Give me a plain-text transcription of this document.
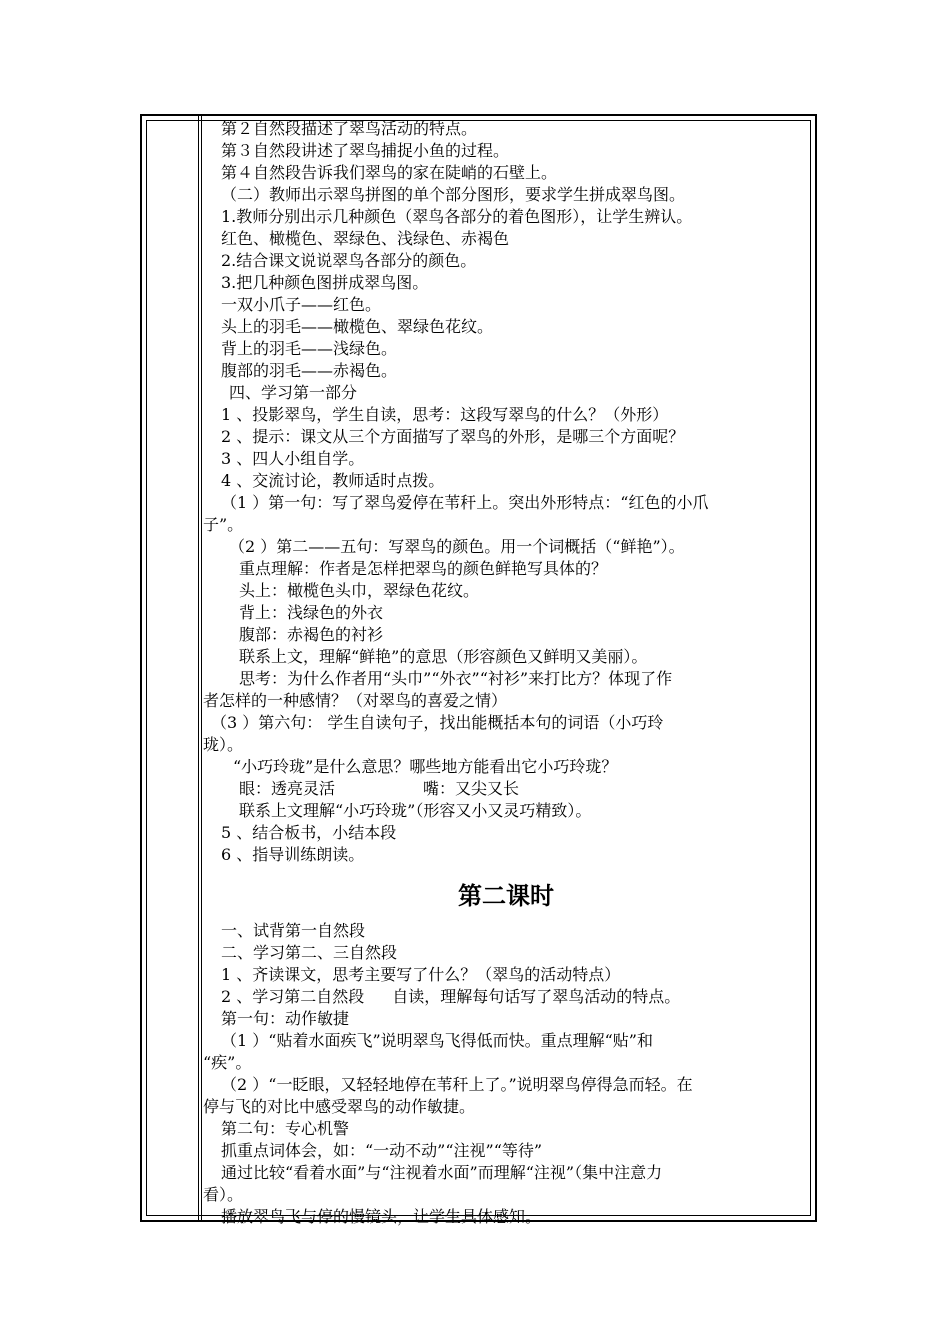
第２自然段描述了翠鸟活动的特点。
第３自然段讲述了翠鸟捕捉小鱼的过程。
第４自然段告诉我们翠鸟的家在陡峭的石壁上。
（二）教师出示翠鸟拼图的单个部分图形，要求学生拼成翠鸟图。
1.教师分别出示几种颜色（翠鸟各部分的着色图形），让学生辨认。
红色、橄榄色、翠绿色、浅绿色、赤褐色
2.结合课文说说翠鸟各部分的颜色。
3.把几种颜色图拼成翠鸟图。
一双小爪子——红色。
头上的羽毛——橄榄色、翠绿色花纹。
背上的羽毛——浅绿色。
腹部的羽毛——赤褐色。
四、学习第一部分
1 、投影翠鸟，学生自读，思考：这段写翠鸟的什么？（外形）
2 、提示：课文从三个方面描写了翠鸟的外形，是哪三个方面呢？
3 、四人小组自学。
4 、交流讨论，教师适时点拨。
（1 ）第一句：写了翠鸟爱停在苇秆上。突出外形特点：“红色的小爪
子”。
（2 ）第二——五句：写翠鸟的颜色。用一个词概括（“鲜艳”）。
重点理解：作者是怎样把翠鸟的颜色鲜艳写具体的？
头上：橄榄色头巾，翠绿色花纹。
背上：浅绿色的外衣
腹部：赤褐色的衬衫
联系上文，理解“鲜艳”的意思（形容颜色又鲜明又美丽）。
思考：为什么作者用“头巾”“外衣”“衬衫”来打比方？体现了作
者怎样的一种感情？（对翠鸟的喜爱之情）
（3 ）第六句： 学生自读句子，找出能概括本句的词语（小巧玲
珑）。
“小巧玲珑”是什么意思？哪些地方能看出它小巧玲珑？
眼：透亮灵活	嘴：又尖又长
联系上文理解“小巧玲珑”（形容又小又灵巧精致）。
5 、结合板书，小结本段
6 、指导训练朗读。
第二课时
一、试背第一自然段
二、学习第二、三自然段
1 、齐读课文，思考主要写了什么？（翠鸟的活动特点）
2 、学习第二自然段 自读，理解每句话写了翠鸟活动的特点。
第一句：动作敏捷
（1 ）“贴着水面疾飞”说明翠鸟飞得低而快。重点理解“贴”和
“疾”。
（2 ）“一眨眼，又轻轻地停在苇秆上了。”说明翠鸟停得急而轻。在
停与飞的对比中感受翠鸟的动作敏捷。
第二句：专心机警
抓重点词体会，如：“一动不动”“注视”“等待”
通过比较“看着水面”与“注视着水面”而理解“注视”（集中注意力
看）。
播放翠鸟飞与停的慢镜头，让学生具体感知。
